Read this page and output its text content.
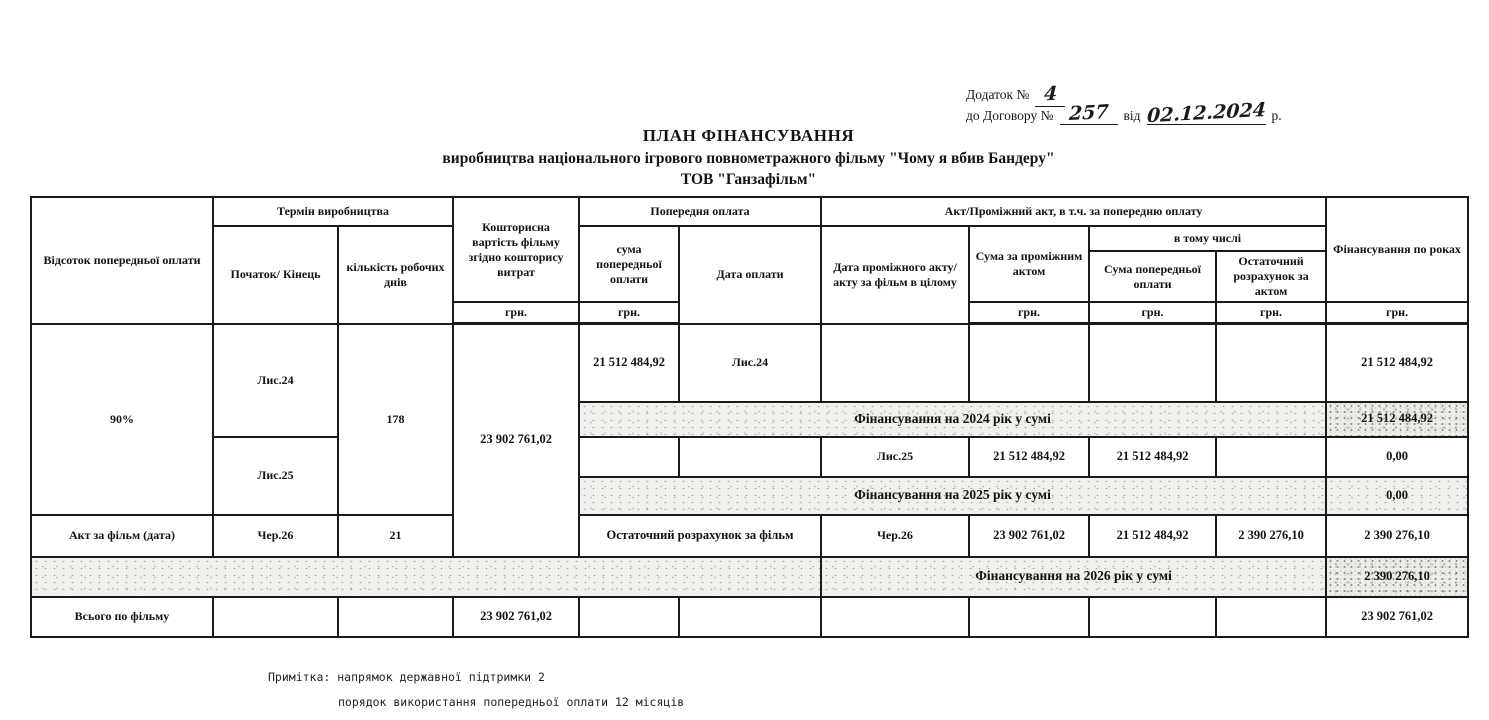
Додаток № 4
до Договору № 257	від 02.12.2024 р.
ПЛАН ФІНАНСУВАННЯ
виробництва національного ігрового повнометражного фільму "Чому я вбив Бандеру"
ТОВ "Ганзафільм"
Відсоток попередньої оплати	Термін виробництва		Кошторисна вартість фільму згідно кошторису витрат	Попередня оплата		Акт/Проміжний акт, в т.ч. за попередню оплату				Фінансування по роках
	Початок/ Кінець	кількість робочих днів		сума попередньої оплати	Дата оплати	Дата проміжного акту/акту за фільм в цілому	Сума за проміжним актом	в тому числі		
								Сума попередньої оплати	Остаточний розрахунок за актом	
			грн.	грн.			грн.	грн.	грн.	грн.
90%	Лис.24	178	23 902 761,02	21 512 484,92	Лис.24					21 512 484,92
				Фінансування на 2024 рік у сумі						21 512 484,92
	Лис.25					Лис.25	21 512 484,92	21 512 484,92		0,00
				Фінансування на 2025 рік у сумі						0,00
Акт за фільм (дата)	Чер.26	21		Остаточний розрахунок за фільм		Чер.26	23 902 761,02	21 512 484,92	2 390 276,10	2 390 276,10
						Фінансування на 2026 рік у сумі				2 390 276,10
Всього по фільму			23 902 761,02							23 902 761,02
Примітка: напрямок державної підтримки 2
порядок використання попередньої оплати 12 місяців
